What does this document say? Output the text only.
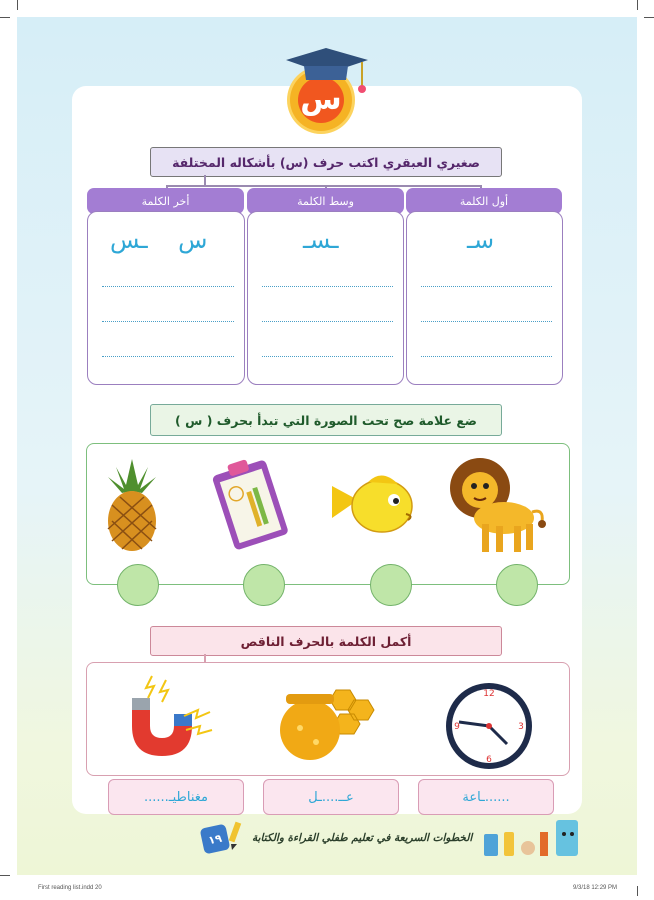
س
صغيري العبقري اكتب حرف (س) بأشكاله المختلفة
أول الكلمة
وسط الكلمة
أخر الكلمة
سـ
ـسـ
س    ـس
ضع علامة صح تحت الصورة التي تبدأ بحرف ( س )
أكمل الكلمة بالحرف الناقص
12
3
6
9
......ـاعة
عــ....ـل
مغناطيـ......
١٩	الخطوات السريعة في تعليم طفلي القراءة والكتابة
First reading list.indd 20	9/3/18 12:29 PM
